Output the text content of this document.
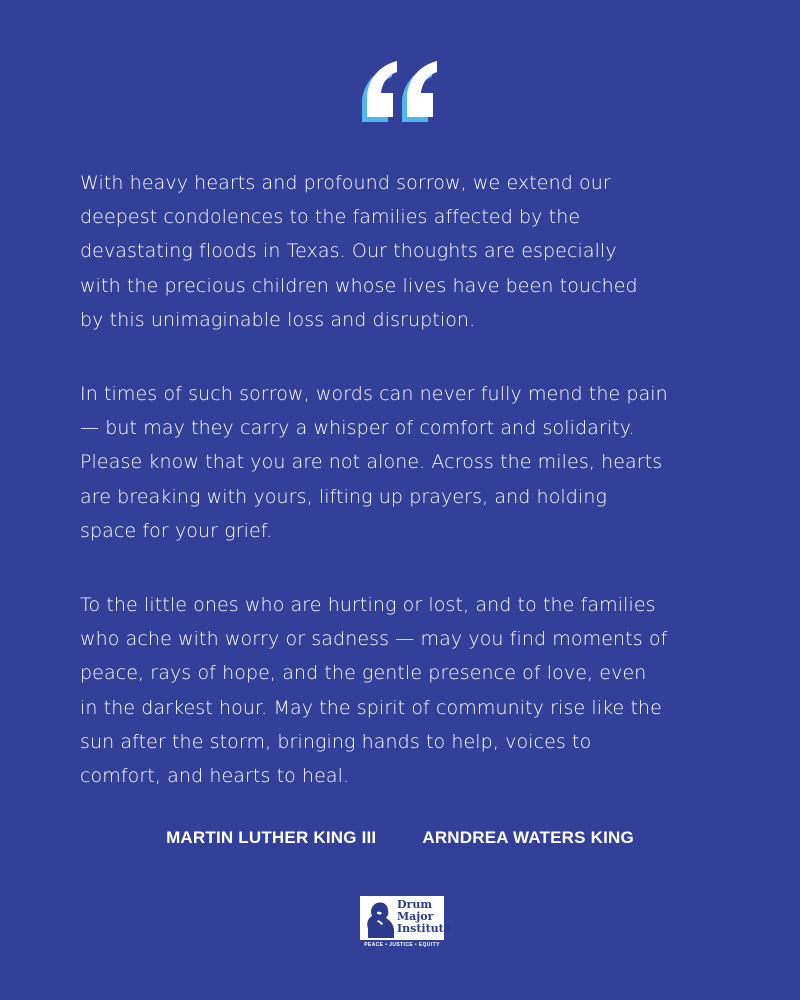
With heavy hearts and profound sorrow, we extend our
deepest condolences to the families affected by the
devastating floods in Texas. Our thoughts are especially
with the precious children whose lives have been touched
by this unimaginable loss and disruption.

In times of such sorrow, words can never fully mend the pain
— but may they carry a whisper of comfort and solidarity.
Please know that you are not alone. Across the miles, hearts
are breaking with yours, lifting up prayers, and holding
space for your grief.

To the little ones who are hurting or lost, and to the families
who ache with worry or sadness — may you find moments of
peace, rays of hope, and the gentle presence of love, even
in the darkest hour. May the spirit of community rise like the
sun after the storm, bringing hands to help, voices to
comfort, and hearts to heal.

MARTIN LUTHER KING III	ARNDREA WATERS KING
Drum
Major
Institute
PEACE • JUSTICE • EQUITY
